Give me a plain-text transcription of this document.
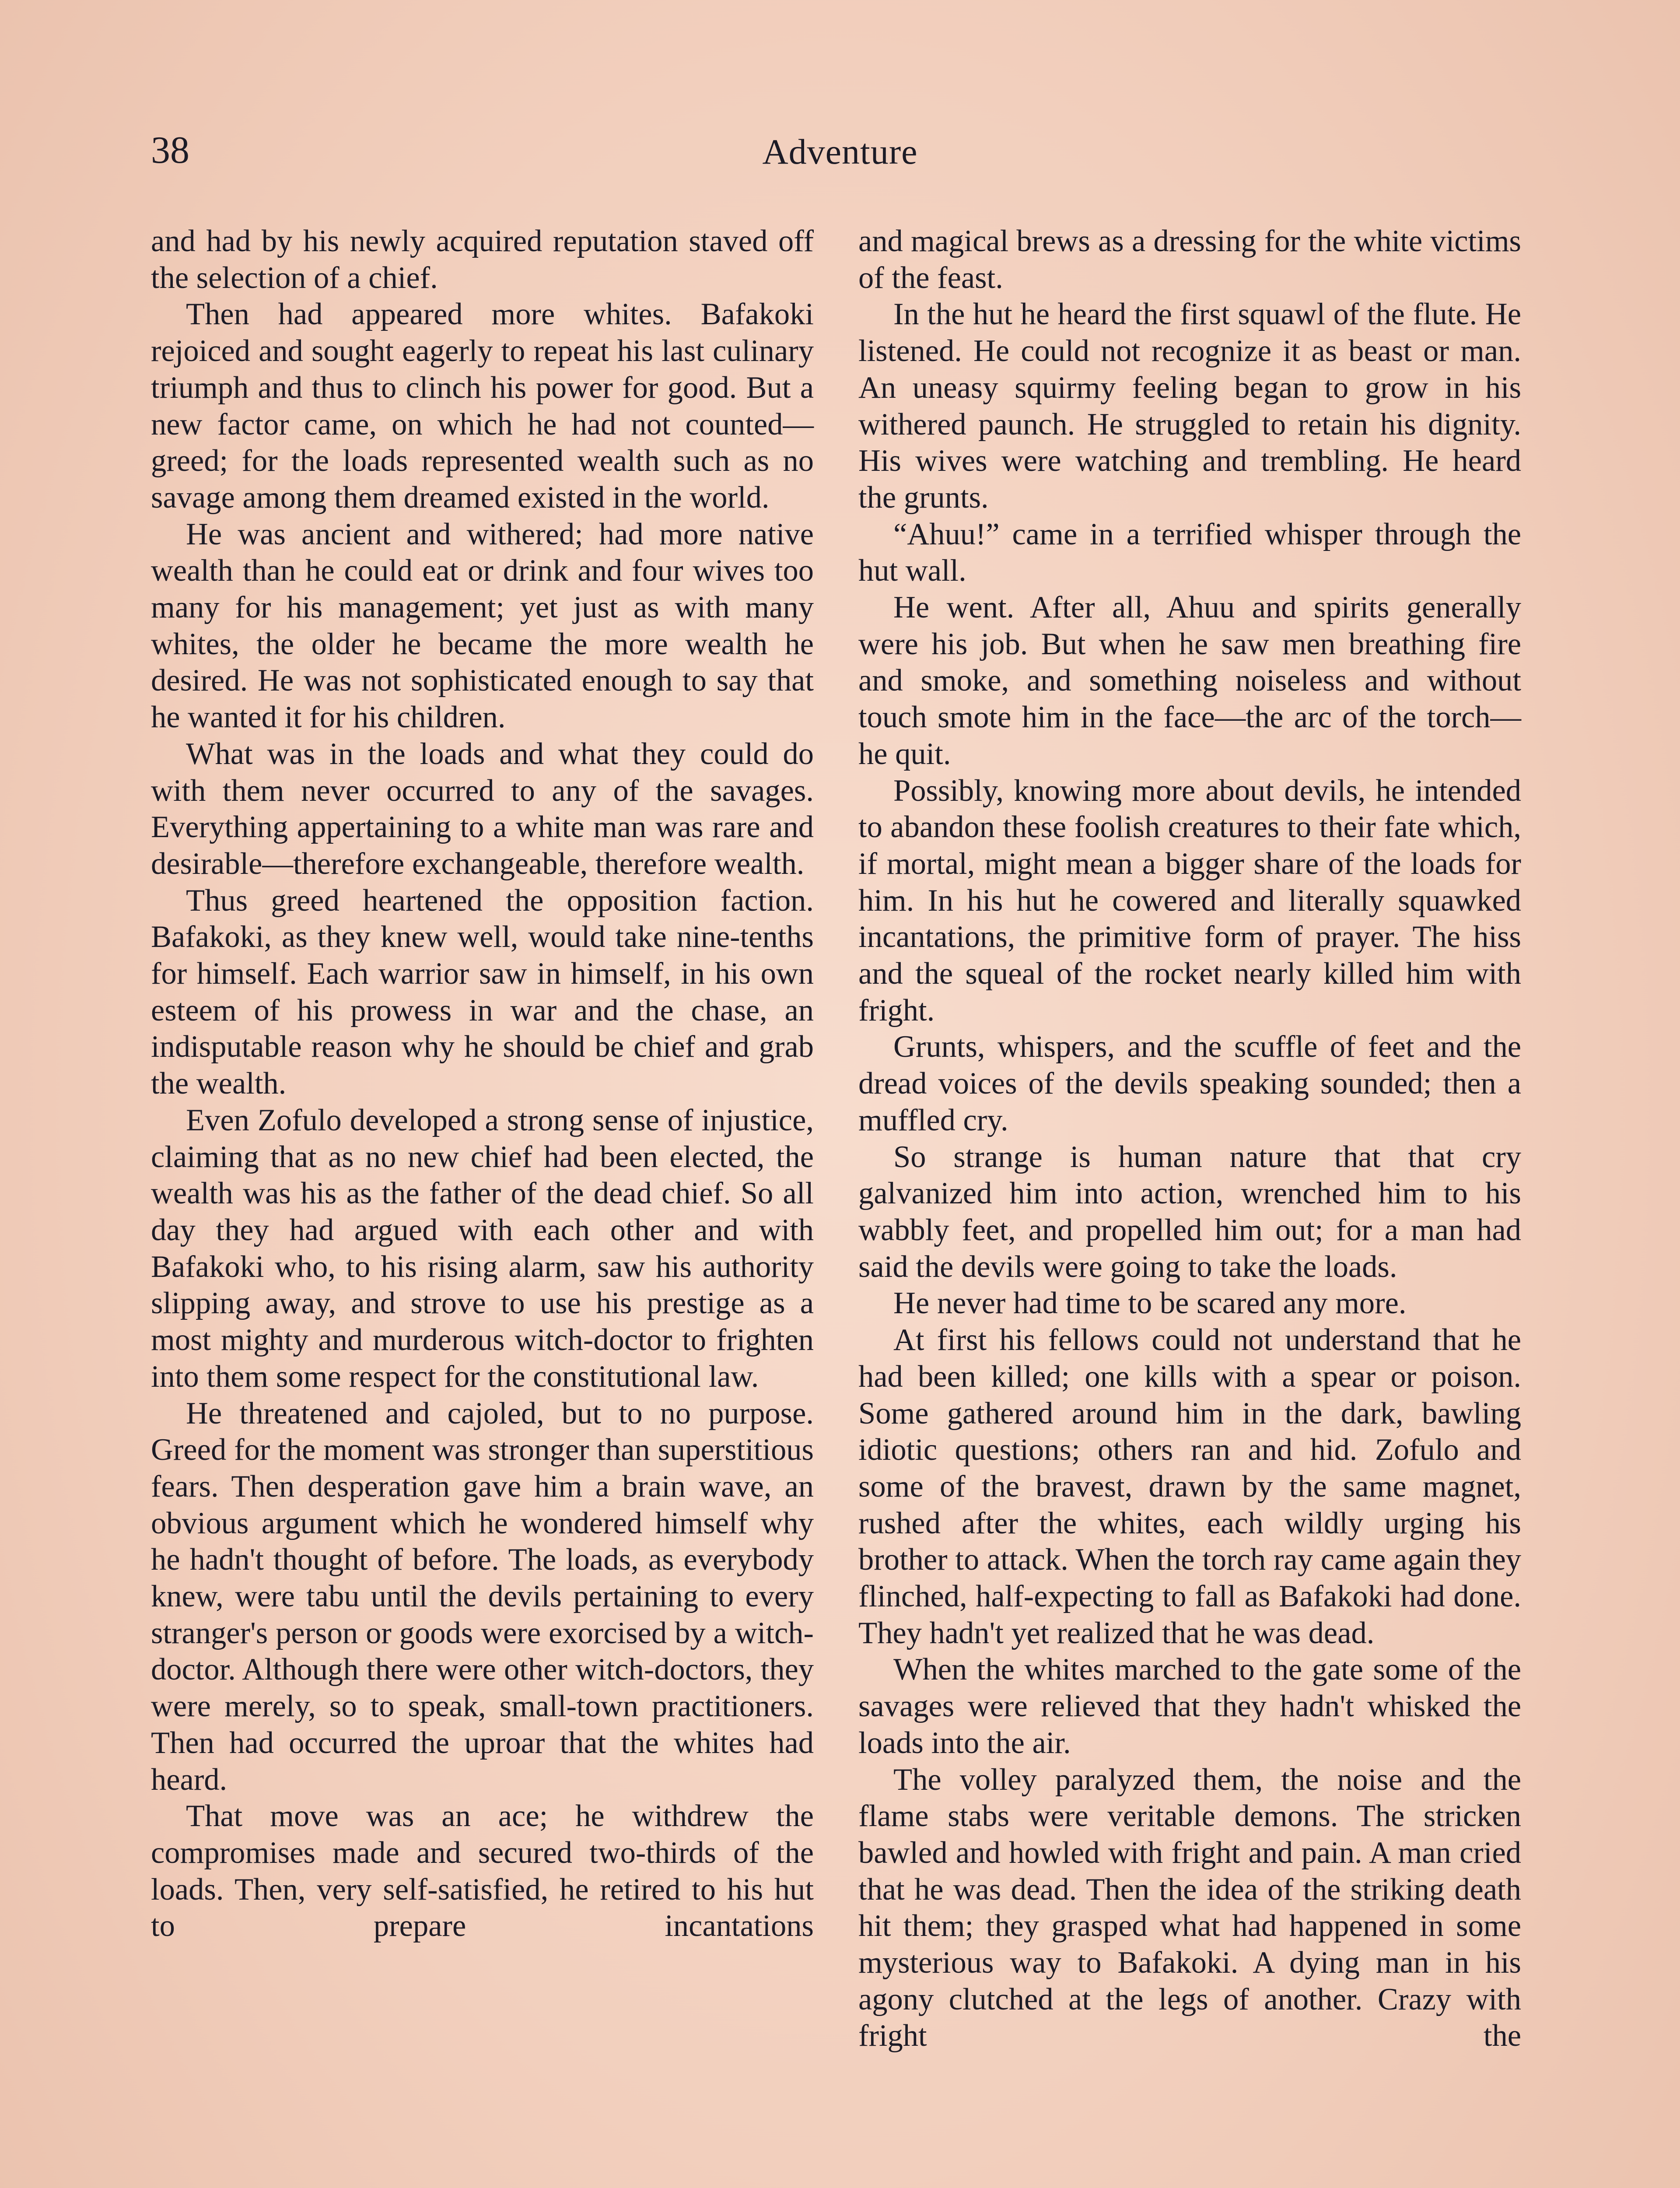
38	Adventure

and had by his newly acquired reputation staved off the selection of a chief.

Then had appeared more whites. Bafakoki rejoiced and sought eagerly to repeat his last culinary triumph and thus to clinch his power for good. But a new factor came, on which he had not counted—greed; for the loads represented wealth such as no savage among them dreamed existed in the world.

He was ancient and withered; had more native wealth than he could eat or drink and four wives too many for his management; yet just as with many whites, the older he became the more wealth he desired. He was not sophisticated enough to say that he wanted it for his children.

What was in the loads and what they could do with them never occurred to any of the savages. Everything appertaining to a white man was rare and desirable—therefore exchangeable, therefore wealth.

Thus greed heartened the opposition faction. Bafakoki, as they knew well, would take nine-tenths for himself. Each warrior saw in himself, in his own esteem of his prowess in war and the chase, an indisputable reason why he should be chief and grab the wealth.

Even Zofulo developed a strong sense of injustice, claiming that as no new chief had been elected, the wealth was his as the father of the dead chief. So all day they had argued with each other and with Bafakoki who, to his rising alarm, saw his authority slipping away, and strove to use his prestige as a most mighty and murderous witch-doctor to frighten into them some respect for the constitutional law.

He threatened and cajoled, but to no purpose. Greed for the moment was stronger than superstitious fears. Then desperation gave him a brain wave, an obvious argument which he wondered himself why he hadn't thought of before. The loads, as everybody knew, were tabu until the devils pertaining to every stranger's person or goods were exorcised by a witch-doctor. Although there were other witch-doctors, they were merely, so to speak, small-town practitioners. Then had occurred the uproar that the whites had heard.

That move was an ace; he withdrew the compromises made and secured two-thirds of the loads. Then, very self-satisfied, he retired to his hut to prepare incantations

and magical brews as a dressing for the white victims of the feast.

In the hut he heard the first squawl of the flute. He listened. He could not recognize it as beast or man. An uneasy squirmy feeling began to grow in his withered paunch. He struggled to retain his dignity. His wives were watching and trembling. He heard the grunts.

“Ahuu!” came in a terrified whisper through the hut wall.

He went. After all, Ahuu and spirits generally were his job. But when he saw men breathing fire and smoke, and something noiseless and without touch smote him in the face—the arc of the torch—he quit.

Possibly, knowing more about devils, he intended to abandon these foolish creatures to their fate which, if mortal, might mean a bigger share of the loads for him. In his hut he cowered and literally squawked incantations, the primitive form of prayer. The hiss and the squeal of the rocket nearly killed him with fright.

Grunts, whispers, and the scuffle of feet and the dread voices of the devils speaking sounded; then a muffled cry.

So strange is human nature that that cry galvanized him into action, wrenched him to his wabbly feet, and propelled him out; for a man had said the devils were going to take the loads.

He never had time to be scared any more.

At first his fellows could not understand that he had been killed; one kills with a spear or poison. Some gathered around him in the dark, bawling idiotic questions; others ran and hid. Zofulo and some of the bravest, drawn by the same magnet, rushed after the whites, each wildly urging his brother to attack. When the torch ray came again they flinched, half-expecting to fall as Bafakoki had done. They hadn't yet realized that he was dead.

When the whites marched to the gate some of the savages were relieved that they hadn't whisked the loads into the air.

The volley paralyzed them, the noise and the flame stabs were veritable demons. The stricken bawled and howled with fright and pain. A man cried that he was dead. Then the idea of the striking death hit them; they grasped what had happened in some mysterious way to Bafakoki. A dying man in his agony clutched at the legs of another. Crazy with fright the
